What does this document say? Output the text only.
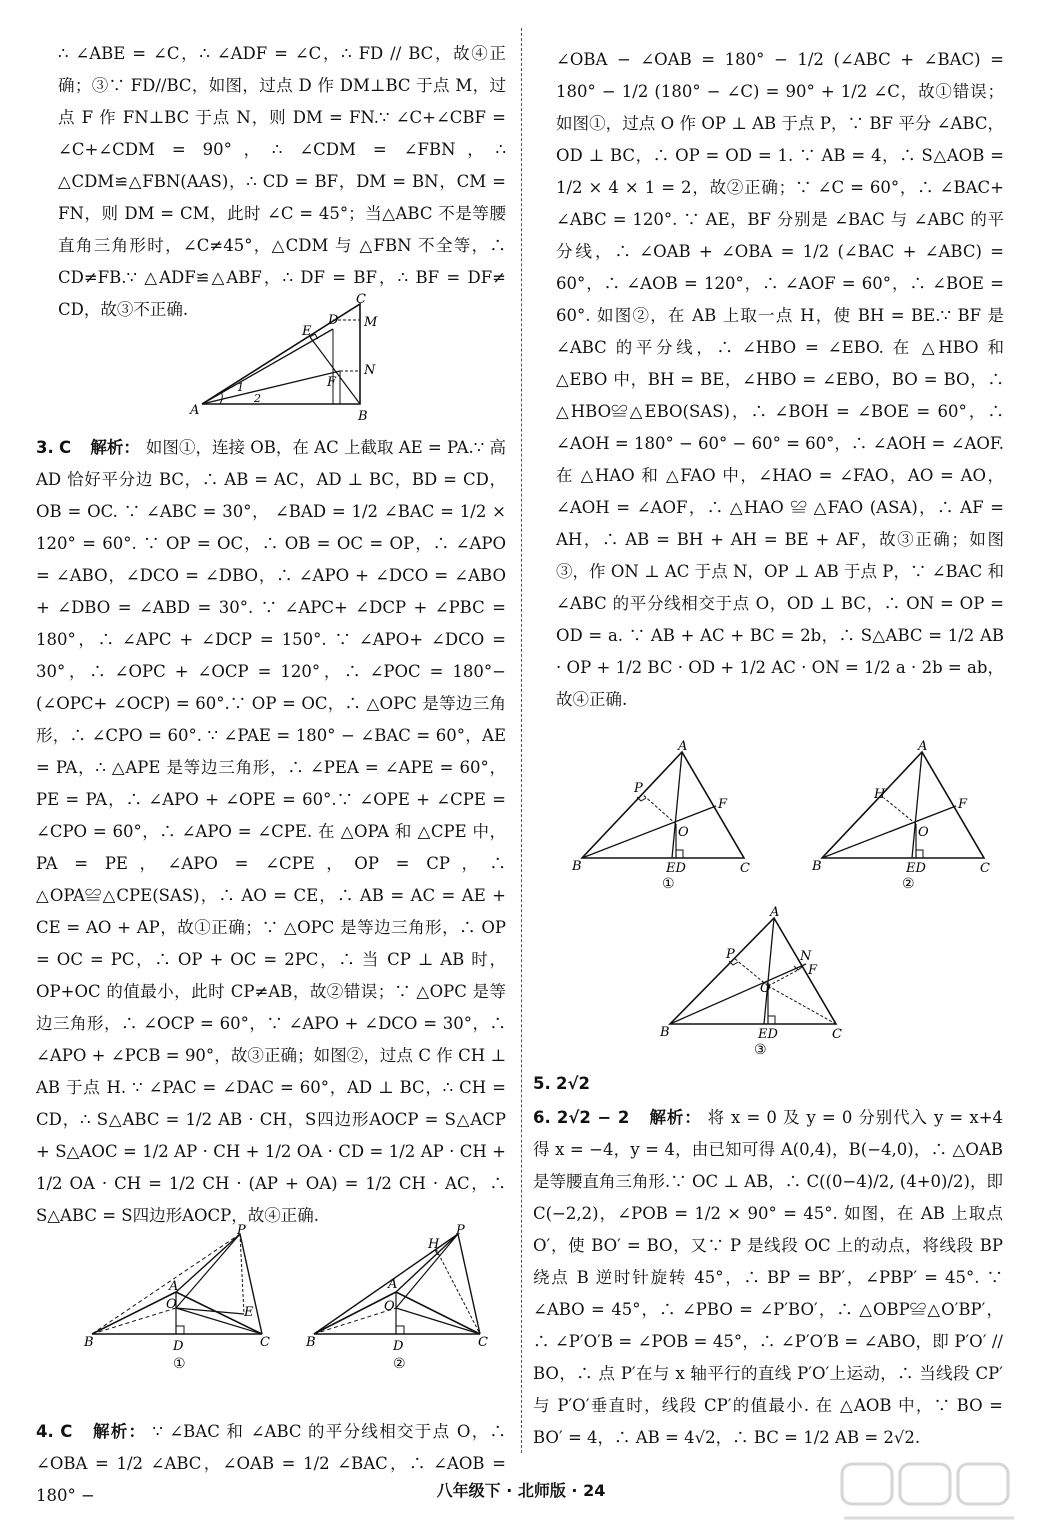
∴ ∠ABE = ∠C，∴ ∠ADF = ∠C，∴ FD // BC，故④正确；③∵ FD//BC，如图，过点 D 作 DM⊥BC 于点 M，过点 F 作 FN⊥BC 于点 N，则 DM = FN.∵ ∠C+∠CBF = ∠C+∠CDM = 90°，∴ ∠CDM = ∠FBN，∴ △CDM≌△FBN(AAS)，∴ CD = BF，DM = BN，CM = FN，则 DM = CM，此时 ∠C = 45°；当△ABC 不是等腰直角三角形时，∠C≠45°，△CDM 与 △FBN 不全等，∴ CD≠FB.∵ △ADF≌△ABF，∴ DF = BF，∴ BF = DF≠ CD，故③不正确.

A	B
C
D
E
F
M
N
1
2

3. C 解析： 如图①，连接 OB，在 AC 上截取 AE = PA.∵ 高 AD 恰好平分边 BC，∴ AB = AC，AD ⊥ BC，BD = CD，OB = OC. ∵ ∠ABC = 30°， ∠BAD = 1/2 ∠BAC = 1/2 × 120° = 60°. ∵ OP = OC，∴ OB = OC = OP，∴ ∠APO = ∠ABO，∠DCO = ∠DBO，∴ ∠APO + ∠DCO = ∠ABO + ∠DBO = ∠ABD = 30°. ∵ ∠APC+ ∠DCP + ∠PBC = 180°，∴ ∠APC + ∠DCP = 150°. ∵ ∠APO+ ∠DCO = 30°，∴ ∠OPC + ∠OCP = 120°，∴ ∠POC = 180°−(∠OPC+ ∠OCP) = 60°.∵ OP = OC，∴ △OPC 是等边三角形，∴ ∠CPO = 60°. ∵ ∠PAE = 180° − ∠BAC = 60°，AE = PA，∴ △APE 是等边三角形，∴ ∠PEA = ∠APE = 60°，PE = PA，∴ ∠APO + ∠OPE = 60°.∵ ∠OPE + ∠CPE = ∠CPO = 60°，∴ ∠APO = ∠CPE. 在 △OPA 和 △CPE 中，PA = PE，∠APO = ∠CPE，OP = CP，∴ △OPA≌△CPE(SAS)，∴ AO = CE，∴ AB = AC = AE + CE = AO + AP，故①正确；∵ △OPC 是等边三角形，∴ OP = OC = PC，∴ OP + OC = 2PC，∴ 当 CP ⊥ AB 时，OP+OC 的值最小，此时 CP≠AB，故②错误；∵ △OPC 是等边三角形，∴ ∠OCP = 60°，∵ ∠APO + ∠DCO = 30°，∴ ∠APO + ∠PCB = 90°，故③正确；如图②，过点 C 作 CH ⊥ AB 于点 H. ∵ ∠PAC = ∠DAC = 60°，AD ⊥ BC，∴ CH = CD，∴ S△ABC = 1/2 AB · CH，S四边形AOCP = S△ACP + S△AOC = 1/2 AP · CH + 1/2 OA · CD = 1/2 AP · CH + 1/2 OA · CH = 1/2 CH · (AP + OA) = 1/2 CH · AC，∴ S△ABC = S四边形AOCP，故④正确.

B	D	C
A
O
P
E
①
B	D	C
A
O
P
H
②

4. C 解析： ∵ ∠BAC 和 ∠ABC 的平分线相交于点 O，∴ ∠OBA = 1/2 ∠ABC，∠OAB = 1/2 ∠BAC，∴ ∠AOB = 180° −

∠OBA − ∠OAB = 180° − 1/2 (∠ABC + ∠BAC) = 180° − 1/2 (180° − ∠C) = 90° + 1/2 ∠C，故①错误；如图①，过点 O 作 OP ⊥ AB 于点 P，∵ BF 平分 ∠ABC，OD ⊥ BC，∴ OP = OD = 1. ∵ AB = 4，∴ S△AOB = 1/2 × 4 × 1 = 2，故②正确；∵ ∠C = 60°，∴ ∠BAC+ ∠ABC = 120°. ∵ AE，BF 分别是 ∠BAC 与 ∠ABC 的平分线，∴ ∠OAB + ∠OBA = 1/2 (∠BAC + ∠ABC) = 60°，∴ ∠AOB = 120°，∴ ∠AOF = 60°，∴ ∠BOE = 60°. 如图②，在 AB 上取一点 H，使 BH = BE.∵ BF 是 ∠ABC 的平分线，∴ ∠HBO = ∠EBO. 在 △HBO 和 △EBO 中，BH = BE，∠HBO = ∠EBO，BO = BO，∴ △HBO≌△EBO(SAS)，∴ ∠BOH = ∠BOE = 60°，∴ ∠AOH = 180° − 60° − 60° = 60°，∴ ∠AOH = ∠AOF. 在 △HAO 和 △FAO 中，∠HAO = ∠FAO，AO = AO，∠AOH = ∠AOF，∴ △HAO ≌ △FAO (ASA)，∴ AF = AH，∴ AB = BH + AH = BE + AF，故③正确；如图③，作 ON ⊥ AC 于点 N，OP ⊥ AB 于点 P，∵ ∠BAC 和 ∠ABC 的平分线相交于点 O，OD ⊥ BC，∴ ON = OP = OD = a. ∵ AB + AC + BC = 2b，∴ S△ABC = 1/2 AB · OP + 1/2 BC · OD + 1/2 AC · ON = 1/2 a · 2b = ab，故④正确.

B	C
A
ED
O
P
F
①
B	C
A
ED
O
H
F
②
B	C
A
ED
O
P	N
F
③

5. 2√2

6. 2√2 − 2 解析： 将 x = 0 及 y = 0 分别代入 y = x+4 得 x = −4，y = 4，由已知可得 A(0,4)，B(−4,0)，∴ △OAB 是等腰直角三角形.∵ OC ⊥ AB，∴ C((0−4)/2, (4+0)/2)，即 C(−2,2)，∠POB = 1/2 × 90° = 45°. 如图，在 AB 上取点 O′，使 BO′ = BO，又∵ P 是线段 OC 上的动点，将线段 BP 绕点 B 逆时针旋转 45°，∴ BP = BP′，∠PBP′ = 45°. ∵ ∠ABO = 45°，∴ ∠PBO = ∠P′BO′，∴ △OBP≌△O′BP′，∴ ∠P′O′B = ∠POB = 45°，∴ ∠P′O′B = ∠ABO，即 P′O′ // BO，∴ 点 P′在与 x 轴平行的直线 P′O′上运动，∴ 当线段 CP′与 P′O′垂直时，线段 CP′的值最小. 在 △AOB 中，∵ BO = BO′ = 4，∴ AB = 4√2，∴ BC = 1/2 AB = 2√2.

八年级下 · 北师版 · 24
